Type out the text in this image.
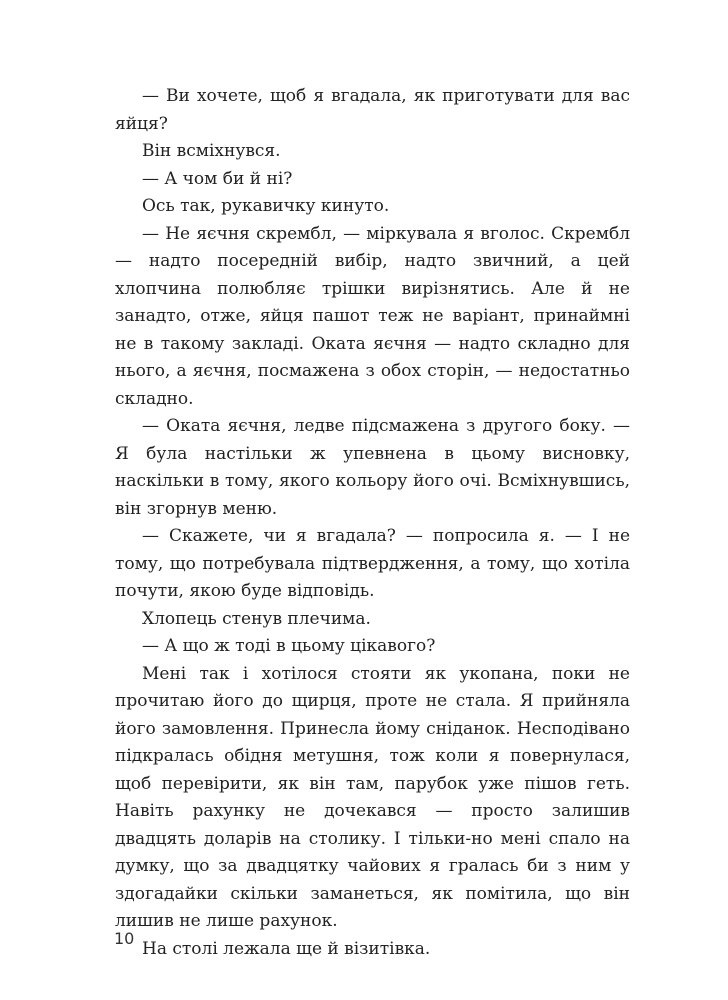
— Ви хочете, щоб я вгадала, як приготувати для вас яйця?

Він всміхнувся.

— А чом би й ні?

Ось так, рукавичку кинуто.

— Не яєчня скрембл, — міркувала я вголос. Скрембл — надто посередній вибір, надто звичний, а цей хлопчина полюбляє трішки вирізнятись. Але й не занадто, отже, яйця пашот теж не варіант, принаймні не в такому закладі. Оката яєчня — надто складно для нього, а яєчня, посмажена з обох сторін, — недостатньо складно.

— Оката яєчня, ледве підсмажена з другого боку. — Я була настільки ж упевнена в цьому висновку, наскільки в тому, якого кольору його очі. Всміхнувшись, він згорнув меню.

— Скажете, чи я вгадала? — попросила я. — І не тому, що потребувала підтвердження, а тому, що хотіла почути, якою буде відповідь.

Хлопець стенув плечима.

— А що ж тоді в цьому цікавого?

Мені так і хотілося стояти як укопана, поки не прочитаю його до щирця, проте не стала. Я прийняла його замовлення. Принесла йому сніданок. Несподівано підкралась обідня метушня, тож коли я повернулася, щоб перевірити, як він там, парубок уже пішов геть. Навіть рахунку не дочекався — просто залишив двадцять доларів на столику. І тільки-но мені спало на думку, що за двадцятку чайових я гралась би з ним у здогадайки скільки заманеться, як помітила, що він лишив не лише рахунок.

На столі лежала ще й візитівка.

10
